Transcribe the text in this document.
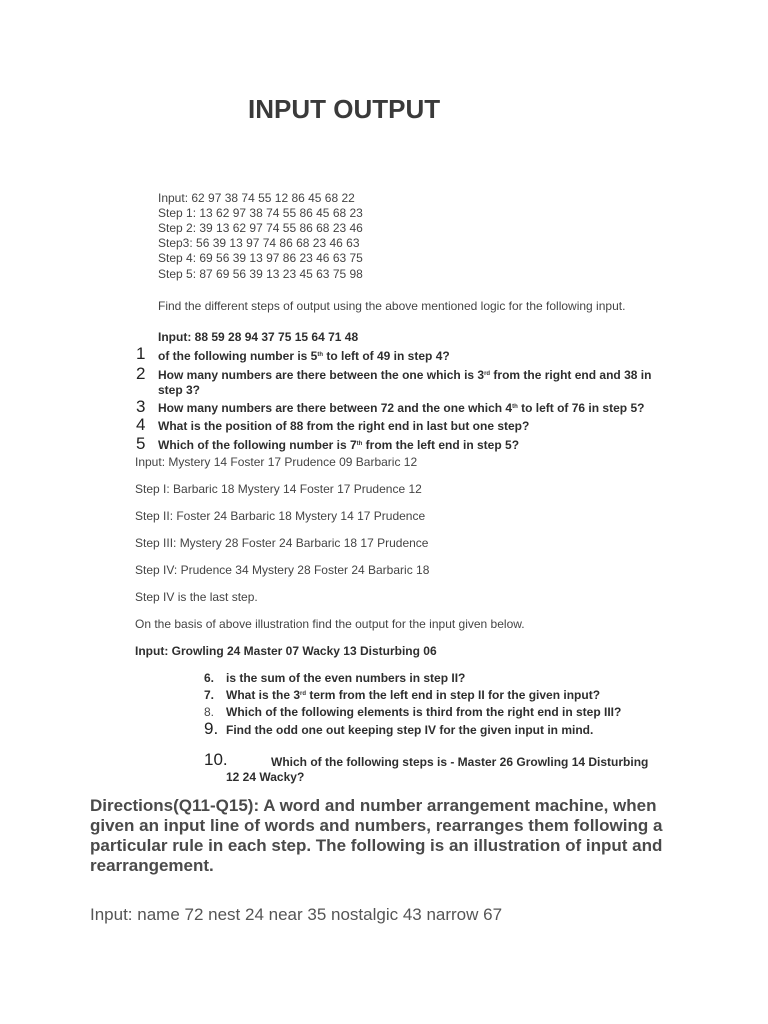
INPUT OUTPUT
Input: 62 97 38 74 55 12 86 45 68 22
Step 1: 13 62 97 38 74 55 86 45 68 23
Step 2: 39 13 62 97 74 55 86 68 23 46
Step3: 56 39 13 97 74 86 68 23 46 63
Step 4: 69 56 39 13 97 86 23 46 63 75
Step 5: 87 69 56 39 13 23 45 63 75 98
Find the different steps of output using the above mentioned logic for the following input.
Input: 88 59 28 94 37 75 15 64 71 48
1 of the following number is 5th to left of 49 in step 4?
2 How many numbers are there between the one which is 3rd from the right end and 38 in
step 3?
3 How many numbers are there between 72 and the one which 4th to left of 76 in step 5?
4 What is the position of 88 from the right end in last but one step?
5 Which of the following number is 7th from the left end in step 5?
Input: Mystery 14 Foster 17 Prudence 09 Barbaric 12
Step I: Barbaric 18 Mystery 14 Foster 17 Prudence 12
Step II: Foster 24 Barbaric 18 Mystery 14 17 Prudence
Step III: Mystery 28 Foster 24 Barbaric 18 17 Prudence
Step IV: Prudence 34 Mystery 28 Foster 24 Barbaric 18
Step IV is the last step.
On the basis of above illustration find the output for the input given below.
Input: Growling 24 Master 07 Wacky 13 Disturbing 06
6. is the sum of the even numbers in step II?
7. What is the 3rd term from the left end in step II for the given input?
8. Which of the following elements is third from the right end in step III?
9. Find the odd one out keeping step IV for the given input in mind.
10.	Which of the following steps is - Master 26 Growling 14 Disturbing
12 24 Wacky?
Directions(Q11-Q15): A word and number arrangement machine, when given an input line of words and numbers, rearranges them following a particular rule in each step. The following is an illustration of input and rearrangement.
Input: name 72 nest 24 near 35 nostalgic 43 narrow 67
